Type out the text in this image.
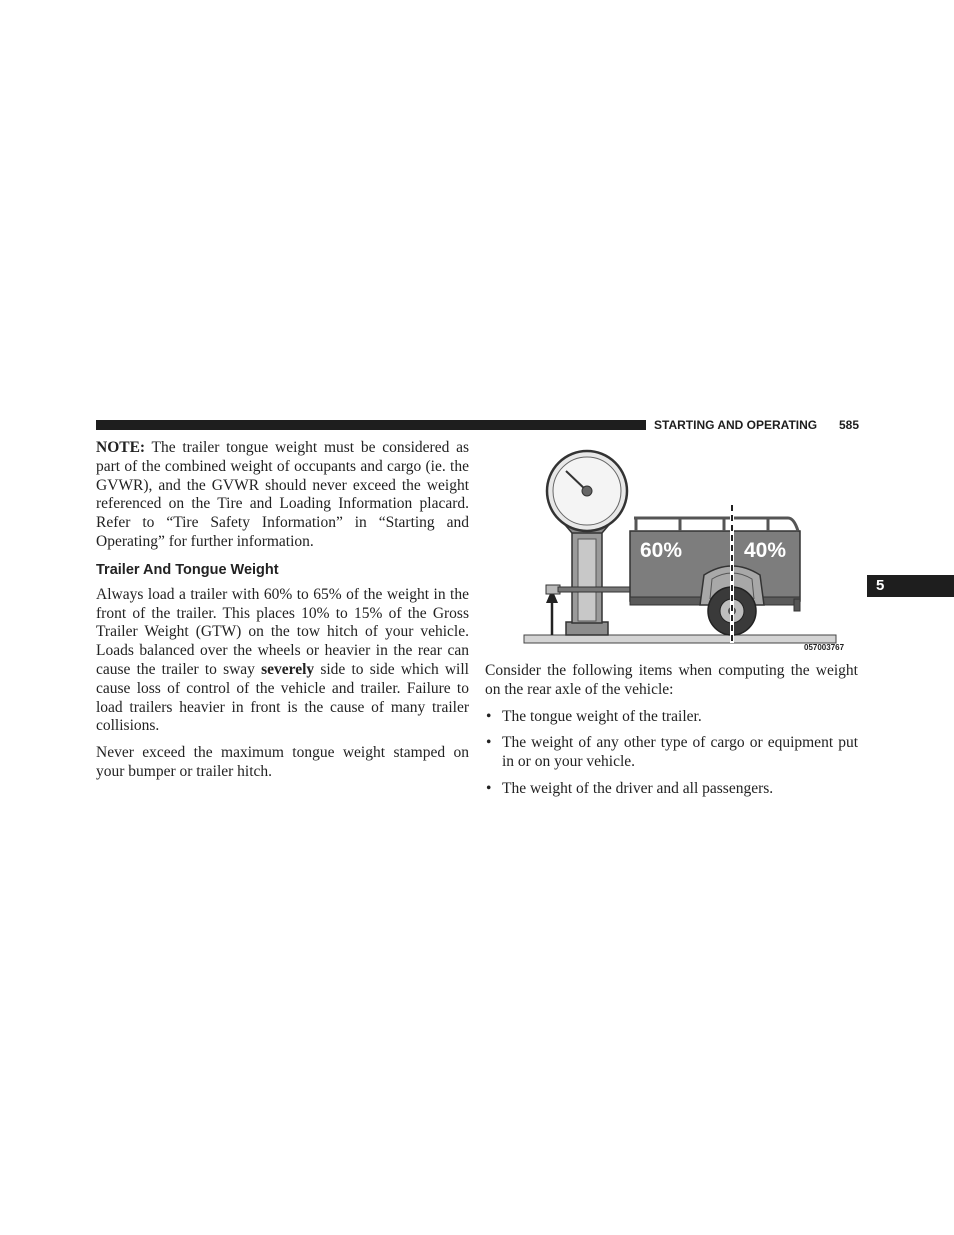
STARTING AND OPERATING 585
5

NOTE: The trailer tongue weight must be considered as part of the combined weight of occupants and cargo (ie. the GVWR), and the GVWR should never exceed the weight referenced on the Tire and Loading Information placard. Refer to “Tire Safety Information” in “Starting and Operating” for further information.

Trailer And Tongue Weight

Always load a trailer with 60% to 65% of the weight in the front of the trailer. This places 10% to 15% of the Gross Trailer Weight (GTW) on the tow hitch of your vehicle. Loads balanced over the wheels or heavier in the rear can cause the trailer to sway severely side to side which will cause loss of control of the vehicle and trailer. Failure to load trailers heavier in front is the cause of many trailer collisions.

Never exceed the maximum tongue weight stamped on your bumper or trailer hitch.

60%	40%
057003767

Consider the following items when computing the weight on the rear axle of the vehicle:

• The tongue weight of the trailer.
• The weight of any other type of cargo or equipment put in or on your vehicle.
• The weight of the driver and all passengers.
